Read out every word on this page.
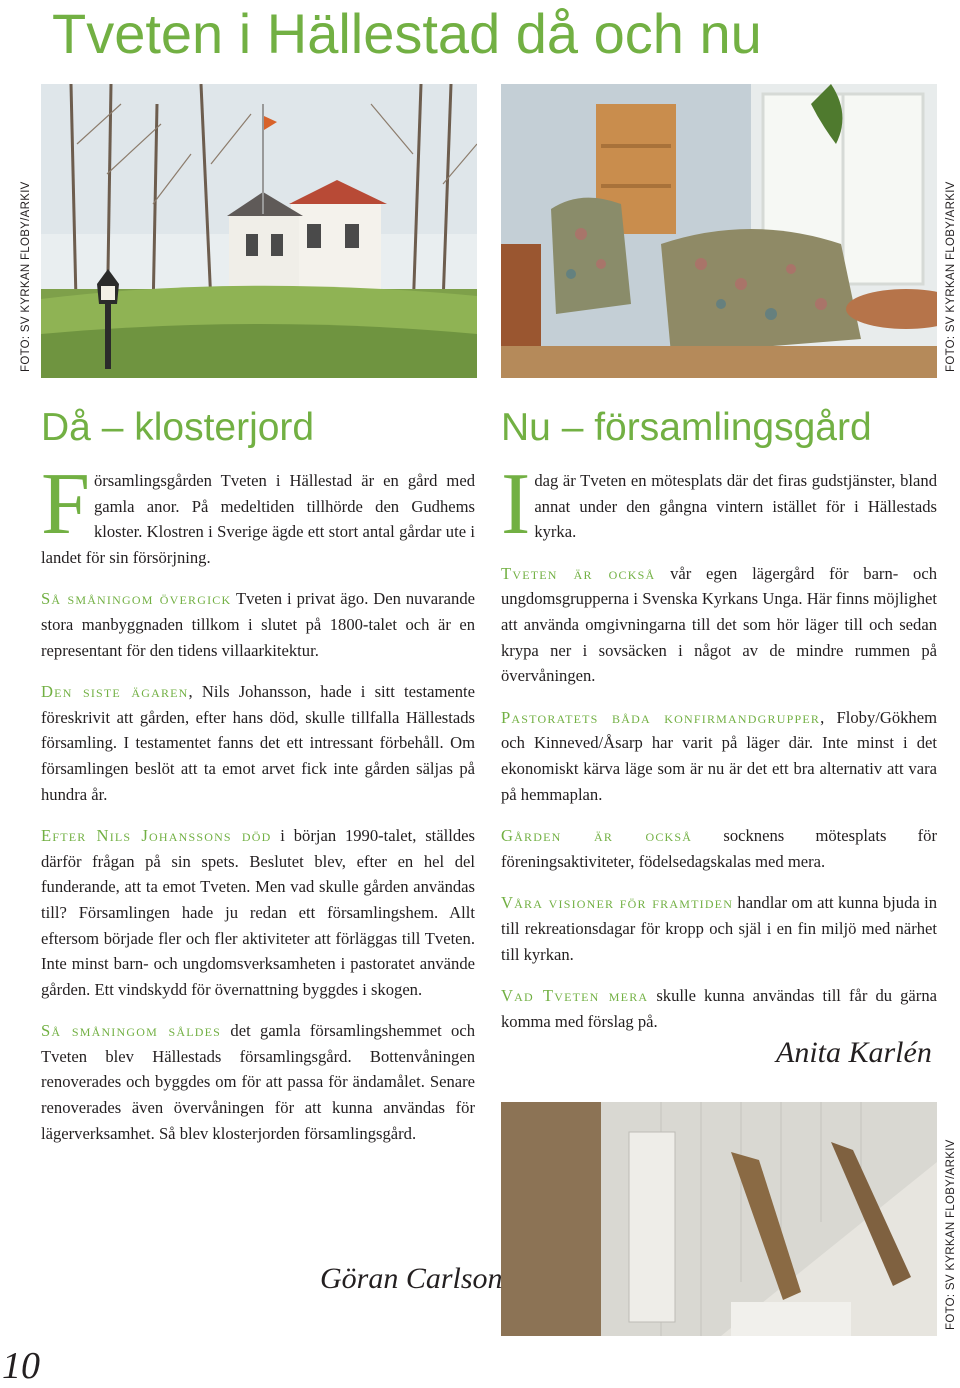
Tveten i Hällestad då och nu
FOTO: SV KYRKAN FLOBY/ARKIV	FOTO: SV KYRKAN FLOBY/ARKIV
FOTO: SV KYRKAN FLOBY/ARKIV
Då – klosterjord

Församlingsgården Tveten i Hällestad är en gård med gamla anor. På medeltiden tillhörde den Gudhems kloster. Klostren i Sverige ägde ett stort antal gårdar ute i landet för sin försörjning.

Så småningom övergick Tveten i privat ägo. Den nuvarande stora manbyggnaden tillkom i slutet på 1800-talet och är en representant för den tidens villaarkitektur.

Den siste ägaren, Nils Johansson, hade i sitt testamente föreskrivit att gården, efter hans död, skulle tillfalla Hällestads församling. I testamentet fanns det ett intressant förbehåll. Om församlingen beslöt att ta emot arvet fick inte gården säljas på hundra år.

Efter Nils Johanssons död i början 1990-talet, ställdes därför frågan på sin spets. Beslutet blev, efter en hel del funderande, att ta emot Tveten. Men vad skulle gården användas till? Församlingen hade ju redan ett församlingshem. Allt eftersom började fler och fler aktiviteter att förläggas till Tveten. Inte minst barn- och ungdomsverksamheten i pastoratet använde gården. Ett vindskydd för övernattning byggdes i skogen.

Så småningom såldes det gamla församlingshemmet och Tveten blev Hällestads församlingsgård. Bottenvåningen renoverades och byggdes om för att passa för ändamålet. Senare renoverades även övervåningen för att kunna användas för lägerverksamhet. Så blev klosterjorden församlingsgård.

Göran Carlson
Nu – församlingsgård

Idag är Tveten en mötesplats där det firas gudstjänster, bland annat under den gångna vintern istället för i Hällestads kyrka.

Tveten är också vår egen lägergård för barn- och ungdomsgrupperna i Svenska Kyrkans Unga. Här finns möjlighet att använda omgivningarna till det som hör läger till och sedan krypa ner i sovsäcken i något av de mindre rummen på övervåningen.

Pastoratets båda konfirmandgrupper, Floby/Gökhem och Kinneved/Åsarp har varit på läger där. Inte minst i det ekonomiskt kärva läge som är nu är det ett bra alternativ att vara på hemmaplan.

Gården är också socknens mötesplats för föreningsaktiviteter, födelsedagskalas med mera.

Våra visioner för framtiden handlar om att kunna bjuda in till rekreationsdagar för kropp och själ i en fin miljö med närhet till kyrkan.

Vad Tveten mera skulle kunna användas till får du gärna komma med förslag på.

Anita Karlén
10
